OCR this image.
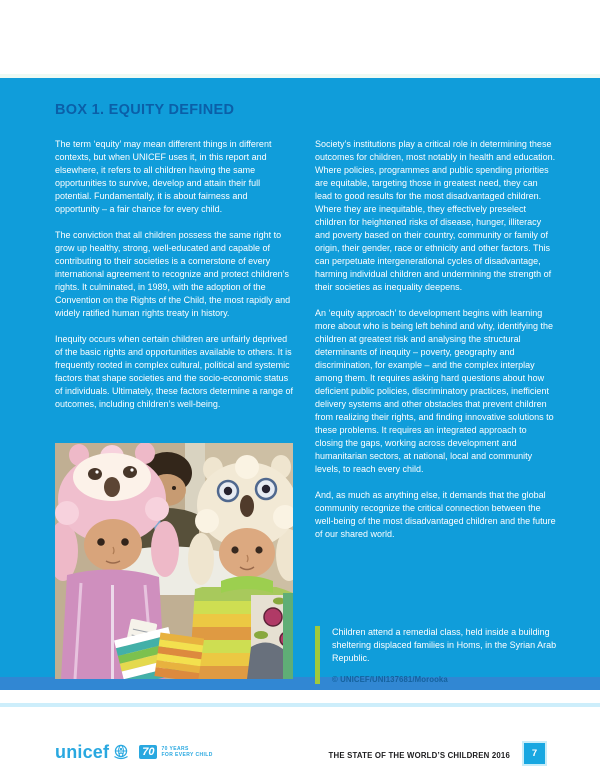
BOX 1. EQUITY DEFINED

The term ‘equity’ may mean different things in different contexts, but when UNICEF uses it, in this report and elsewhere, it refers to all children having the same opportunities to survive, develop and attain their full potential. Fundamentally, it is about fairness and opportunity – a fair chance for every child.

The conviction that all children possess the same right to grow up healthy, strong, well-educated and capable of contributing to their societies is a cornerstone of every international agreement to recognize and protect children’s rights. It culminated, in 1989, with the adoption of the Convention on the Rights of the Child, the most rapidly and widely ratified human rights treaty in history.

Inequity occurs when certain children are unfairly deprived of the basic rights and opportunities available to others. It is frequently rooted in complex cultural, political and systemic factors that shape societies and the socio-economic status of individuals. Ultimately, these factors determine a range of outcomes, including children’s well-being.

Society’s institutions play a critical role in determining these outcomes for children, most notably in health and education. Where policies, programmes and public spending priorities are equitable, targeting those in greatest need, they can lead to good results for the most disadvantaged children. Where they are inequitable, they effectively preselect children for heightened risks of disease, hunger, illiteracy and poverty based on their country, community or family of origin, their gender, race or ethnicity and other factors. This can perpetuate intergenerational cycles of disadvantage, harming individual children and undermining the strength of their societies as inequality deepens.

An ‘equity approach’ to development begins with learning more about who is being left behind and why, identifying the children at greatest risk and analysing the structural determinants of inequity – poverty, geography and discrimination, for example – and the complex interplay among them. It requires asking hard questions about how deficient public policies, discriminatory practices, inefficient delivery systems and other obstacles that prevent children from realizing their rights, and finding innovative solutions to these problems. It requires an integrated approach to closing the gaps, working across development and humanitarian sectors, at national, local and community levels, to reach every child.

And, as much as anything else, it demands that the global community recognize the critical connection between the well-being of the most disadvantaged children and the future of our shared world.

Children attend a remedial class, held inside a building sheltering displaced families in Homs, in the Syrian Arab Republic.

© UNICEF/UNI137681/Morooka

unicef	70	70 YEARS
FOR EVERY CHILD	THE STATE OF THE WORLD’S CHILDREN 2016	7
